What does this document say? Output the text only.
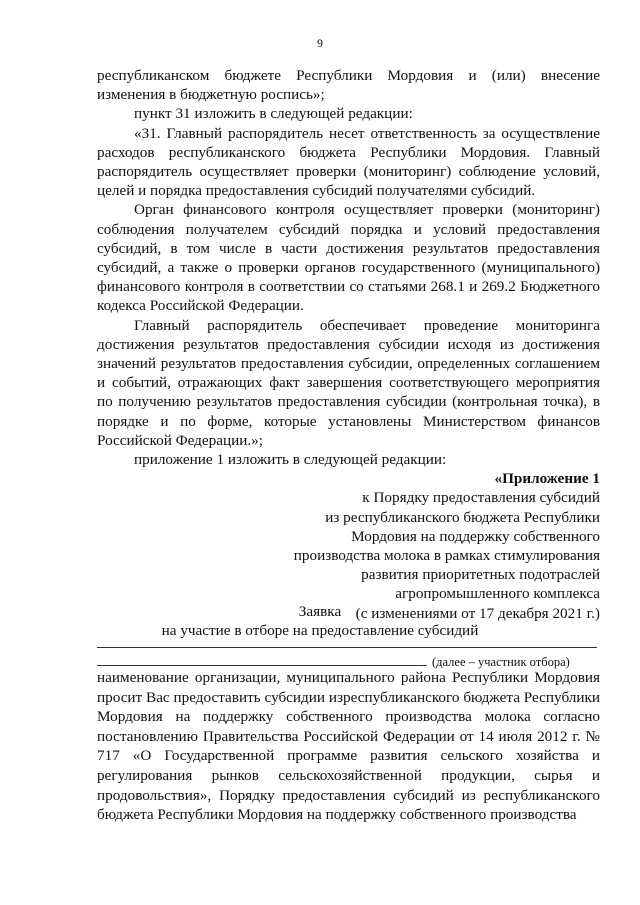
9

республиканском бюджете Республики Мордовия и (или) внесение изменения в бюджетную роспись»;

пункт 31 изложить в следующей редакции:

«31. Главный распорядитель несет ответственность за осуществление расходов республиканского бюджета Республики Мордовия. Главный распорядитель осуществляет проверки (мониторинг) соблюдение условий, целей и порядка предоставления субсидий получателями субсидий.

Орган финансового контроля осуществляет проверки (мониторинг) соблюдения получателем субсидий порядка и условий предоставления субсидий, в том числе в части достижения результатов предоставления субсидий, а также о проверки органов государственного (муниципального) финансового контроля в соответствии со статьями 268.1 и 269.2 Бюджетного кодекса Российской Федерации.

Главный распорядитель обеспечивает проведение мониторинга достижения результатов предоставления субсидии исходя из достижения значений результатов предоставления субсидии, определенных соглашением и событий, отражающих факт завершения соответствующего мероприятия по получению результатов предоставления субсидии (контрольная точка), в порядке и по форме, которые установлены Министерством финансов Российской Федерации.»;

приложение 1 изложить в следующей редакции:

«Приложение 1

к Порядку предоставления субсидий

из республиканского бюджета Республики

Мордовия на поддержку собственного

производства молока в рамках стимулирования

развития приоритетных подотраслей

агропромышленного комплекса

(с изменениями от 17 декабря 2021 г.)

Заявка
на участие в отборе на предоставление субсидий
(далее – участник отбора)

наименование организации, муниципального района Республики Мордовия просит Вас предоставить субсидии изреспубликанского бюджета Республики Мордовия на поддержку собственного производства молока согласно постановлению Правительства Российской Федерации от 14 июля 2012 г. № 717 «О Государственной программе развития сельского хозяйства и регулирования рынков сельскохозяйственной продукции, сырья и продовольствия», Порядку предоставления субсидий из республиканского бюджета Республики Мордовия на поддержку собственного производства
